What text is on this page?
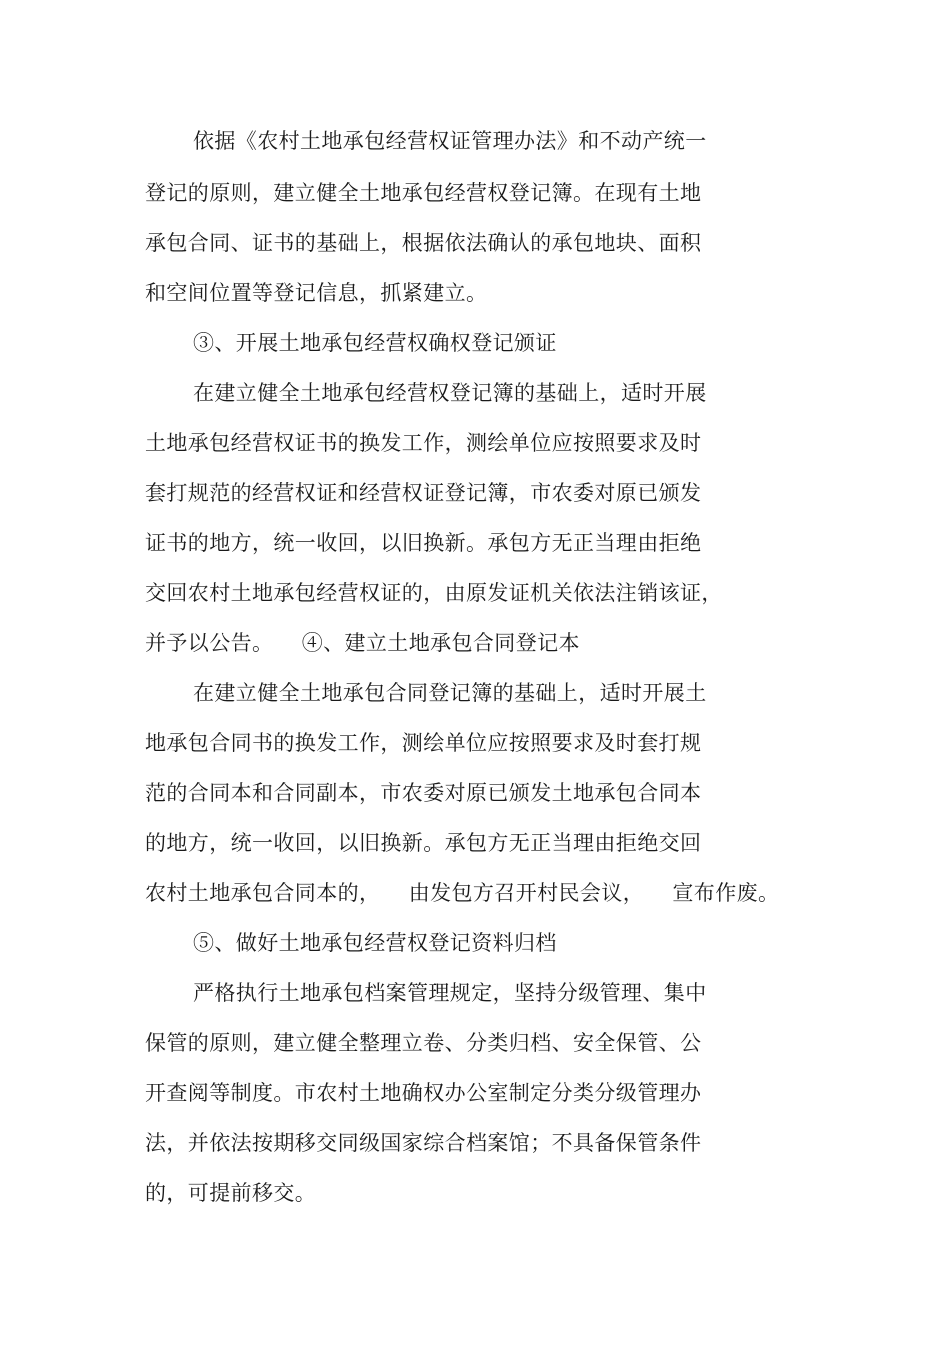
依据《农村土地承包经营权证管理办法》和不动产统一
登记的原则，建立健全土地承包经营权登记簿。在现有土地
承包合同、证书的基础上，根据依法确认的承包地块、面积
和空间位置等登记信息，抓紧建立。
③、开展土地承包经营权确权登记颁证
在建立健全土地承包经营权登记簿的基础上，适时开展
土地承包经营权证书的换发工作，测绘单位应按照要求及时
套打规范的经营权证和经营权证登记簿，市农委对原已颁发
证书的地方，统一收回，以旧换新。承包方无正当理由拒绝
交回农村土地承包经营权证的，由原发证机关依法注销该证，
并予以公告。    ④、建立土地承包合同登记本
在建立健全土地承包合同登记簿的基础上，适时开展土
地承包合同书的换发工作，测绘单位应按照要求及时套打规
范的合同本和合同副本，市农委对原已颁发土地承包合同本
的地方，统一收回，以旧换新。承包方无正当理由拒绝交回
农村土地承包合同本的，    由发包方召开村民会议，    宣布作废。
⑤、做好土地承包经营权登记资料归档
严格执行土地承包档案管理规定，坚持分级管理、集中
保管的原则，建立健全整理立卷、分类归档、安全保管、公
开查阅等制度。市农村土地确权办公室制定分类分级管理办
法，并依法按期移交同级国家综合档案馆；不具备保管条件
的，可提前移交。
